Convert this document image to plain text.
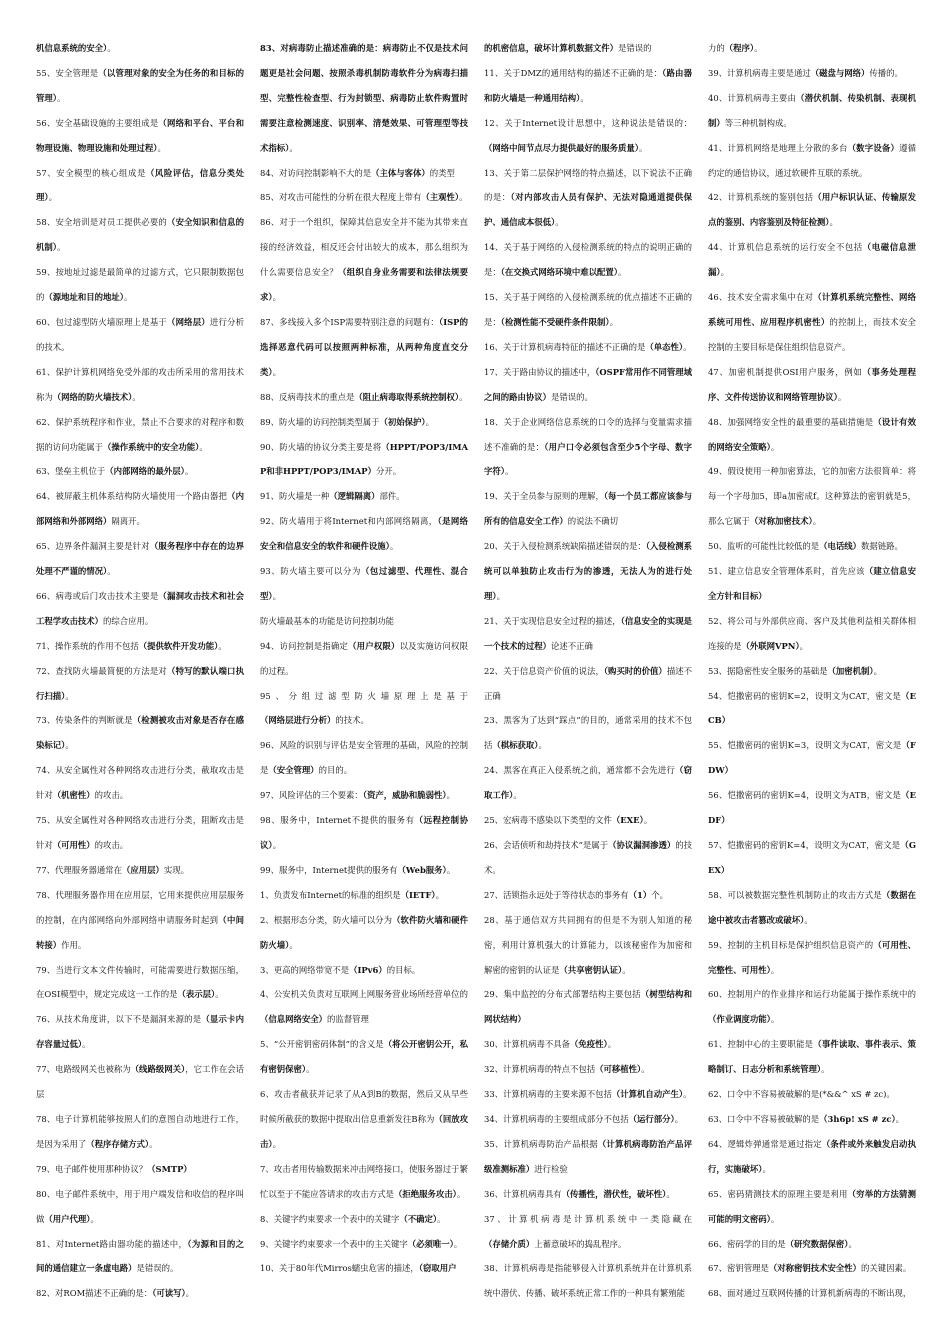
机信息系统的安全）。

55、安全管理是（以管理对象的安全为任务的和目标的管理）。

56、安全基础设施的主要组成是（网络和平台、平台和物理设施、物理设施和处理过程）。

57、安全模型的核心组成是（风险评估，信息分类处理）。

58、安全培训是对员工提供必要的（安全知识和信息的机制）。

59、按地址过滤是最简单的过滤方式，它只限制数据包的（源地址和目的地址）。

60、包过滤型防火墙原理上是基于（网络层）进行分析的技术。

61、保护计算机网络免受外部的攻击所采用的常用技术称为（网络的防火墙技术）。

62、保护系统程序和作业，禁止不合要求的对程序和数据的访问功能属于（操作系统中的安全功能）。

63、堡垒主机位于（内部网络的最外层）。

64、被屏蔽主机体系结构防火墙使用一个路由器把（内部网络和外部网络）隔离开。

65、边界条件漏洞主要是针对（服务程序中存在的边界处理不严谨的情况）。

66、病毒或后门攻击技术主要是（漏洞攻击技术和社会工程学攻击技术）的综合应用。

71、操作系统的作用不包括（提供软件开发功能）。

72、查找防火墙最简便的方法是对（特写的默认端口执行扫描）。

73、传染条件的判断就是（检测被攻击对象是否存在感染标记）。

74、从安全属性对各种网络攻击进行分类，截取攻击是针对（机密性）的攻击。

75、从安全属性对各种网络攻击进行分类，阻断攻击是针对（可用性）的攻击。

77、代理服务器通常在（应用层）实现。

78、代理服务器作用在应用层，它用来提供应用层服务的控制，在内部网络向外部网络申请服务时起到（中间转接）作用。

79、当进行文本文件传输时，可能需要进行数据压缩，在OSI模型中，规定完成这一工作的是（表示层）。

76、从技术角度讲，以下不是漏洞来源的是（显示卡内存容量过低）。

77、电路级网关也被称为（线路级网关），它工作在会话层

78、电子计算机能够按照人们的意图自动地进行工作，是因为采用了（程序存储方式）。

79、电子邮件使用那种协议？（SMTP）

80、电子邮件系统中，用于用户端发信和收信的程序叫做（用户代理）。

81、对Internet路由器功能的描述中，（为源和目的之间的通信建立一条虚电路）是错误的。

82、对ROM描述不正确的是：（可读写）。

83、对病毒防止描述准确的是：病毒防止不仅是技术问题更是社会问题、按照杀毒机制防毒软件分为病毒扫描型、完整性检查型、行为封锁型、病毒防止软件购置时需要注意检测速度、识别率、清楚效果、可管理型等技术指标）。

84、对访问控制影响不大的是（主体与客体）的类型

85、对攻击可能性的分析在很大程度上带有（主观性）。

86、对于一个组织，保障其信息安全并不能为其带来直接的经济效益，相反还会付出较大的成本，那么组织为什么需要信息安全？（组织自身业务需要和法律法规要求）。

87、多线接入多个ISP需要特别注意的问题有：（ISP的选择恶意代码可以按照两种标准，从两种角度直交分类）。

88、反病毒技术的重点是（阻止病毒取得系统控制权）。

89、防火墙的访问控制类型属于（初始保护）。

90、防火墙的协议分类主要是将（HPPT/POP3/IMAP和非HPPT/POP3/IMAP）分开。

91、防火墙是一种（逻辑隔离）部件。

92、防火墙用于将Internet和内部网络隔离，（是网络安全和信息安全的软件和硬件设施）。

93、防火墙主要可以分为（包过滤型、代理性、混合型）。

防火墙最基本的功能是访问控制功能

94、访问控制是指确定（用户权限）以及实施访问权限的过程。

95、分组过滤型防火墙原理上是基于（网络层进行分析）的技术。

96、风险的识别与评估是安全管理的基础，风险的控制是（安全管理）的目的。

97、风险评估的三个要素：（资产，威胁和脆弱性）。

98、服务中，Internet不提供的服务有（远程控制协议）。

99、服务中，Internet提供的服务有（Web服务）。

1、负责发布Internet的标准的组织是（IETF）。

2、根据形态分类，防火墙可以分为（软件防火墙和硬件防火墙）。

3、更高的网络带宽不是（IPv6）的目标。

4、公安机关负责对互联网上网服务营业场所经营单位的（信息网络安全）的监督管理

5、“公开密钥密码体制”的含义是（将公开密钥公开，私有密钥保密）。

6、攻击者截获并记录了从A到B的数据，然后又从早些时候所截获的数据中提取出信息重新发往B称为（回放攻击）。

7、攻击者用传输数据来冲击网络接口，使服务器过于繁忙以至于不能应答请求的攻击方式是（拒绝服务攻击）。

8、关键字约束要求一个表中的关键字（不确定）。

9、关键字约束要求一个表中的主关键字（必须唯一）。

10、关于80年代Mirros蠕虫危害的描述，（窃取用户

的机密信息，破坏计算机数据文件）是错误的

11、关于DMZ的通用结构的描述不正确的是：（路由器和防火墙是一种通用结构）。

12、关于Internet设计思想中，这种说法是错误的：（网络中间节点尽力提供最好的服务质量）。

13、关于第二层保护网络的特点描述，以下说法不正确的是：（对内部攻击人员有保护、无法对隐通道提供保护、通信成本很低）。

14、关于基于网络的入侵检测系统的特点的说明正确的是：（在交换式网络环境中难以配置）。

15、关于基于网络的入侵检测系统的优点描述不正确的是：（检测性能不受硬件条件限制）。

16、关于计算机病毒特征的描述不正确的是（单态性）。

17、关于路由协议的描述中，（OSPF常用作不同管理域之间的路由协议）是错误的。

18、关于企业网络信息系统的口令的选择与变量需求描述不准确的是：（用户口令必须包含至少5个字母、数字字符）。

19、关于全员参与原则的理解，（每一个员工都应该参与所有的信息安全工作）的说法不确切

20、关于入侵检测系统缺陷描述错误的是：（入侵检测系统可以单独防止攻击行为的渗透，无法人为的进行处理）。

21、关于实现信息安全过程的描述，（信息安全的实现是一个技术的过程）论述不正确

22、关于信息资产价值的说法，（购买时的价值）描述不正确

23、黑客为了达到“踩点”的目的，通常采用的技术不包括（棋标获取）。

24、黑客在真正入侵系统之前，通常都不会先进行（窃取工作）。

25、宏病毒不感染以下类型的文件（EXE）。

26、会话侦听和劫持技术”是属于（协议漏洞渗透）的技术。

27、活锁指永远处于等待状态的事务有（1）个。

28、基于通信双方共同拥有的但是不为别人知道的秘密，利用计算机强大的计算能力，以该秘密作为加密和解密的密钥的认证是（共享密钥认证）。

29、集中监控的分布式部署结构主要包括（树型结构和网状结构）

30、计算机病毒不具备（免疫性）。

32、计算机病毒的特点不包括（可移植性）。

33、计算机病毒的主要来源不包括（计算机自动产生）。

34、计算机病毒的主要组成部分不包括（运行部分）。

35、计算机病毒防治产品根据（计算机病毒防治产品评级准测标准）进行检验

36、计算机病毒具有（传播性，潜伏性，破坏性）。

37、计算机病毒是计算机系统中一类隐藏在（存储介质）上蓄意破坏的捣乱程序。

38、计算机病毒是指能够侵入计算机系统并在计算机系统中潜伏、传播、破坏系统正常工作的一种具有繁殖能

力的（程序）。

39、计算机病毒主要是通过（磁盘与网络）传播的。

40、计算机病毒主要由（潜伏机制、传染机制、表现机制）等三种机制构成。

41、计算机网络是地理上分散的多台（数字设备）遵循约定的通信协议，通过软硬件互联的系统。

42、计算机系统的鉴别包括（用户标识认证、传输原发点的鉴别、内容鉴别及特征检测）。

44、计算机信息系统的运行安全不包括（电磁信息泄漏）。

46、技术安全需求集中在对（计算机系统完整性、网络系统可用性、应用程序机密性）的控制上，而技术安全控制的主要目标是保住组织信息资产。

47、加密机制提供OSI用户服务，例如（事务处理程序、文件传送协议和网络管理协议）。

48、加强网络安全性的最重要的基础措施是（设计有效的网络安全策略）。

49、假设使用一种加密算法，它的加密方法很简单：将每一个字母加5，即a加密成f。这种算法的密钥就是5，那么它属于（对称加密技术）。

50、监听的可能性比较低的是（电话线）数据链路。

51、建立信息安全管理体系时，首先应该（建立信息安全方针和目标）

52、将公司与外部供应商、客户及其他利益相关群体相连接的是（外联网VPN）。

53、据隐密性安全服务的基础是（加密机制）。

54、恺撒密码的密钥K=2，设明文为CAT，密文是（ECB）

55、恺撒密码的密钥K=3，设明文为CAT，密文是（FDW）

56、恺撒密码的密钥K=4，设明文为ATB，密文是（EDF）

57、恺撒密码的密钥K=4，设明文为CAT，密文是（GEX）

58、可以被数据完整性机制防止的攻击方式是（数据在途中被攻击者篡改或破坏）。

59、控制的主机目标是保护组织信息资产的（可用性、完整性、可用性）。

60、控制用户的作业排序和运行功能属于操作系统中的（作业调度功能）。

61、控制中心的主要职能是（事件读取、事件表示、策略制订、日志分析和系统管理）。

62、口令中不容易被破解的是(*&&^ xS # zc)。

63、口令中不容易被破解的是（3h6p! xS # zc）。

64、逻辑炸弹通常是通过指定（条件或外来触发启动执行，实施破坏）。

65、密码猜测技术的原理主要是利用（穷举的方法猜测可能的明文密码）。

66、密码学的目的是（研究数据保密）。

67、密钥管理是（对称密钥技术安全性）的关键因素。

68、面对通过互联网传播的计算机新病毒的不断出现，
